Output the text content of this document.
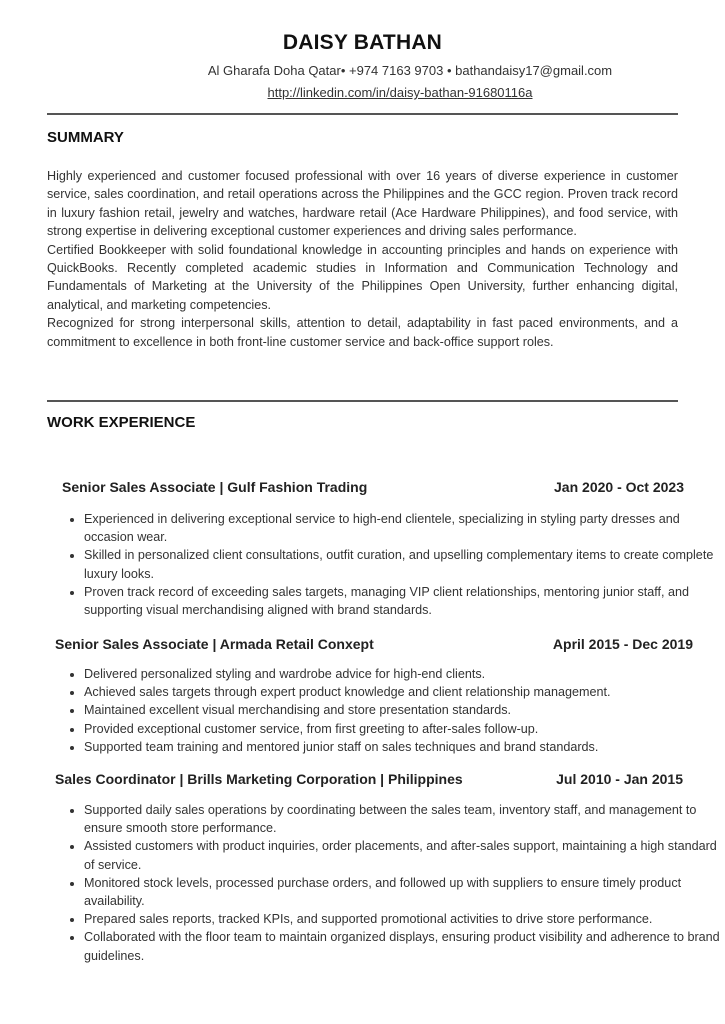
DAISY BATHAN
Al Gharafa Doha Qatar• +974 7163 9703 • bathandaisy17@gmail.com
http://linkedin.com/in/daisy-bathan-91680116a
SUMMARY

Highly experienced and customer focused professional with over 16 years of diverse experience in customer service, sales coordination, and retail operations across the Philippines and the GCC region. Proven track record in luxury fashion retail, jewelry and watches, hardware retail (Ace Hardware Philippines), and food service, with strong expertise in delivering exceptional customer experiences and driving sales performance.

Certified Bookkeeper with solid foundational knowledge in accounting principles and hands on experience with QuickBooks. Recently completed academic studies in Information and Communication Technology and Fundamentals of Marketing at the University of the Philippines Open University, further enhancing digital, analytical, and marketing competencies.

Recognized for strong interpersonal skills, attention to detail, adaptability in fast paced environments, and a commitment to excellence in both front-line customer service and back-office support roles.

WORK EXPERIENCE
Senior Sales Associate | Gulf Fashion Trading	Jan 2020 - Oct 2023
• Experienced in delivering exceptional service to high-end clientele, specializing in styling party dresses and occasion wear.
• Skilled in personalized client consultations, outfit curation, and upselling complementary items to create complete luxury looks.
• Proven track record of exceeding sales targets, managing VIP client relationships, mentoring junior staff, and supporting visual merchandising aligned with brand standards.
Senior Sales Associate | Armada Retail Conxept	April 2015 - Dec 2019
• Delivered personalized styling and wardrobe advice for high-end clients.
• Achieved sales targets through expert product knowledge and client relationship management.
• Maintained excellent visual merchandising and store presentation standards.
• Provided exceptional customer service, from first greeting to after-sales follow-up.
• Supported team training and mentored junior staff on sales techniques and brand standards.
Sales Coordinator | Brills Marketing Corporation | Philippines	Jul 2010 - Jan 2015
• Supported daily sales operations by coordinating between the sales team, inventory staff, and management to ensure smooth store performance.
• Assisted customers with product inquiries, order placements, and after-sales support, maintaining a high standard of service.
• Monitored stock levels, processed purchase orders, and followed up with suppliers to ensure timely product availability.
• Prepared sales reports, tracked KPIs, and supported promotional activities to drive store performance.
• Collaborated with the floor team to maintain organized displays, ensuring product visibility and adherence to brand guidelines.
